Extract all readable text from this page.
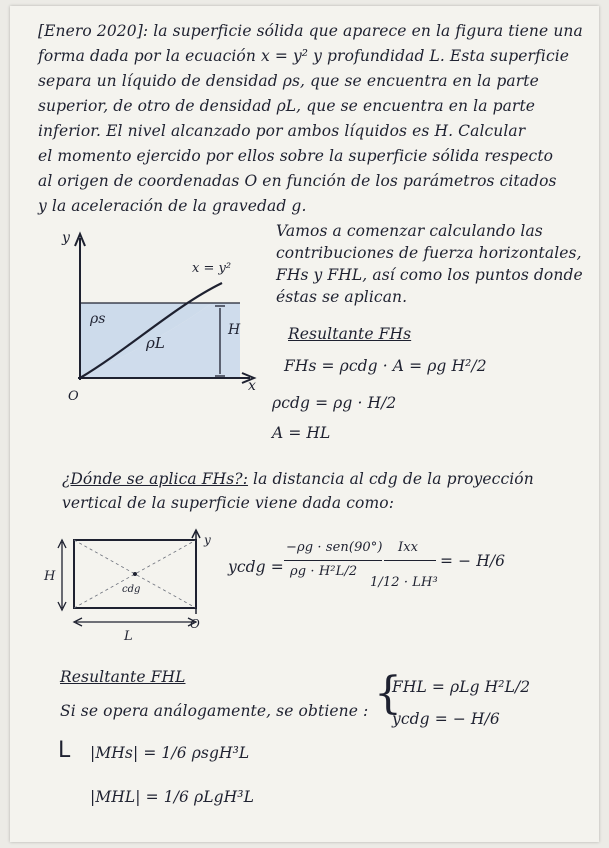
[Enero 2020]: la superficie sólida que aparece en la figura tiene una
forma dada por la ecuación x = y² y profundidad L. Esta superficie
separa un líquido de densidad ρs, que se encuentra en la parte
superior, de otro de densidad ρL, que se encuentra en la parte
inferior. El nivel alcanzado por ambos líquidos es H. Calcular
el momento ejercido por ellos sobre la superficie sólida respecto
al origen de coordenadas O en función de los parámetros citados
y la aceleración de la gravedad g.
y
x
O
x = y²
ρs
ρL
H
Vamos a comenzar calculando las
contribuciones de fuerza horizontales,
FHs y FHL, así como los puntos donde
éstas se aplican.
Resultante FHs
FHs = ρcdg · A = ρg H²/2
ρcdg = ρg · H/2
A = HL
¿Dónde se aplica FHs?: la distancia al cdg de la proyección
vertical de la superficie viene dada como:
y
H
L
cdg
O
ycdg =
−ρg · sen(90°)
ρg · H²L/2
Ixx
1/12 · LH³
= − H/6
Resultante FHL
Si se opera análogamente, se obtiene : {
FHL = ρLg H²L/2
ycdg = − H/6
L |MHs| = 1/6 ρsgH³L
|MHL| = 1/6 ρLgH³L
